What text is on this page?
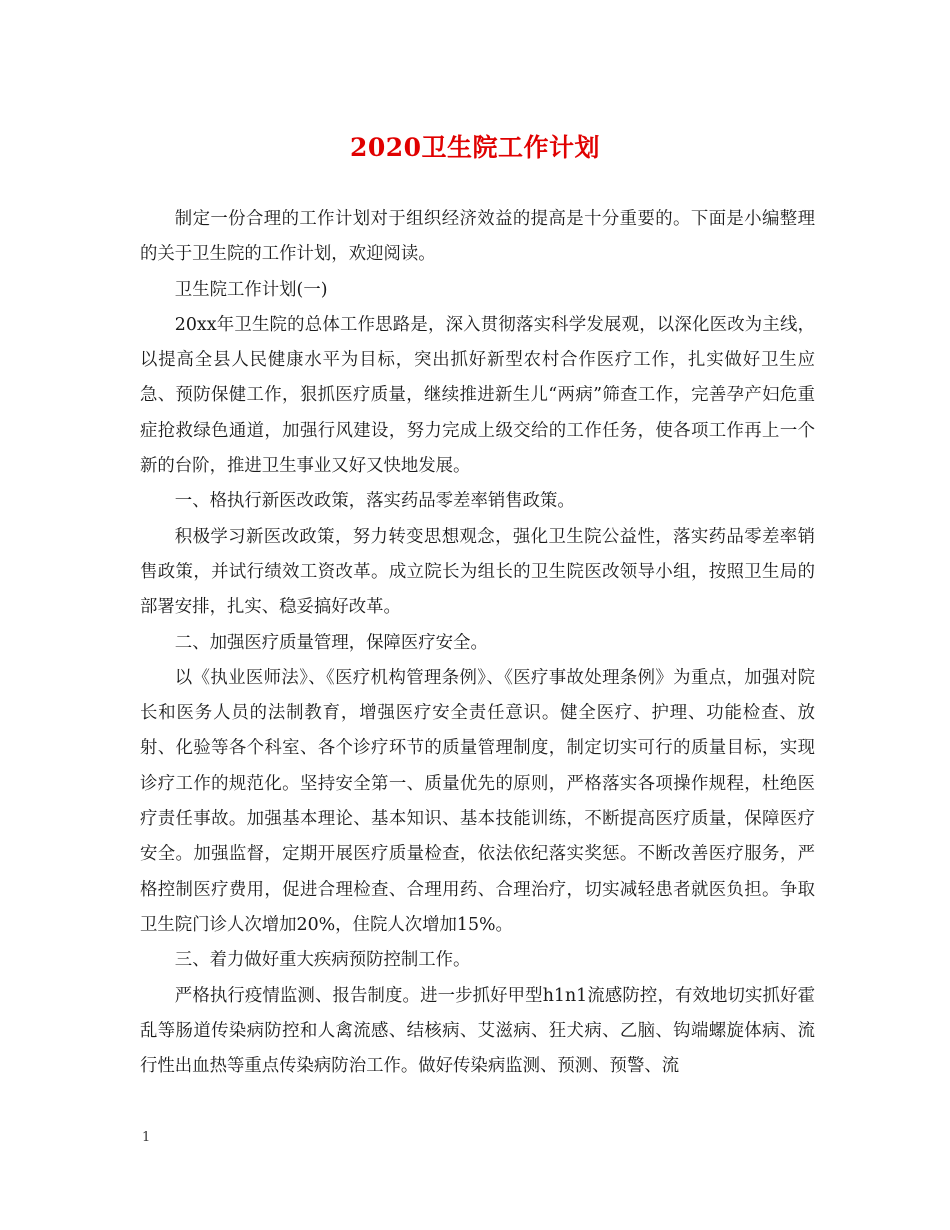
2020卫生院工作计划

制定一份合理的工作计划对于组织经济效益的提高是十分重要的。下面是小编整理的关于卫生院的工作计划，欢迎阅读。

卫生院工作计划(一)

20xx年卫生院的总体工作思路是，深入贯彻落实科学发展观，以深化医改为主线，以提高全县人民健康水平为目标，突出抓好新型农村合作医疗工作，扎实做好卫生应急、预防保健工作，狠抓医疗质量，继续推进新生儿“两病”筛查工作，完善孕产妇危重症抢救绿色通道，加强行风建设，努力完成上级交给的工作任务，使各项工作再上一个新的台阶，推进卫生事业又好又快地发展。

一、格执行新医改政策，落实药品零差率销售政策。

积极学习新医改政策，努力转变思想观念，强化卫生院公益性，落实药品零差率销售政策，并试行绩效工资改革。成立院长为组长的卫生院医改领导小组，按照卫生局的部署安排，扎实、稳妥搞好改革。

二、加强医疗质量管理，保障医疗安全。

以《执业医师法》、《医疗机构管理条例》、《医疗事故处理条例》为重点，加强对院长和医务人员的法制教育，增强医疗安全责任意识。健全医疗、护理、功能检查、放射、化验等各个科室、各个诊疗环节的质量管理制度，制定切实可行的质量目标，实现诊疗工作的规范化。坚持安全第一、质量优先的原则，严格落实各项操作规程，杜绝医疗责任事故。加强基本理论、基本知识、基本技能训练，不断提高医疗质量，保障医疗安全。加强监督，定期开展医疗质量检查，依法依纪落实奖惩。不断改善医疗服务，严格控制医疗费用，促进合理检查、合理用药、合理治疗，切实减轻患者就医负担。争取卫生院门诊人次增加20%，住院人次增加15%。

三、着力做好重大疾病预防控制工作。

严格执行疫情监测、报告制度。进一步抓好甲型h1n1流感防控，有效地切实抓好霍乱等肠道传染病防控和人禽流感、结核病、艾滋病、狂犬病、乙脑、钩端螺旋体病、流行性出血热等重点传染病防治工作。做好传染病监测、预测、预警、流

1
